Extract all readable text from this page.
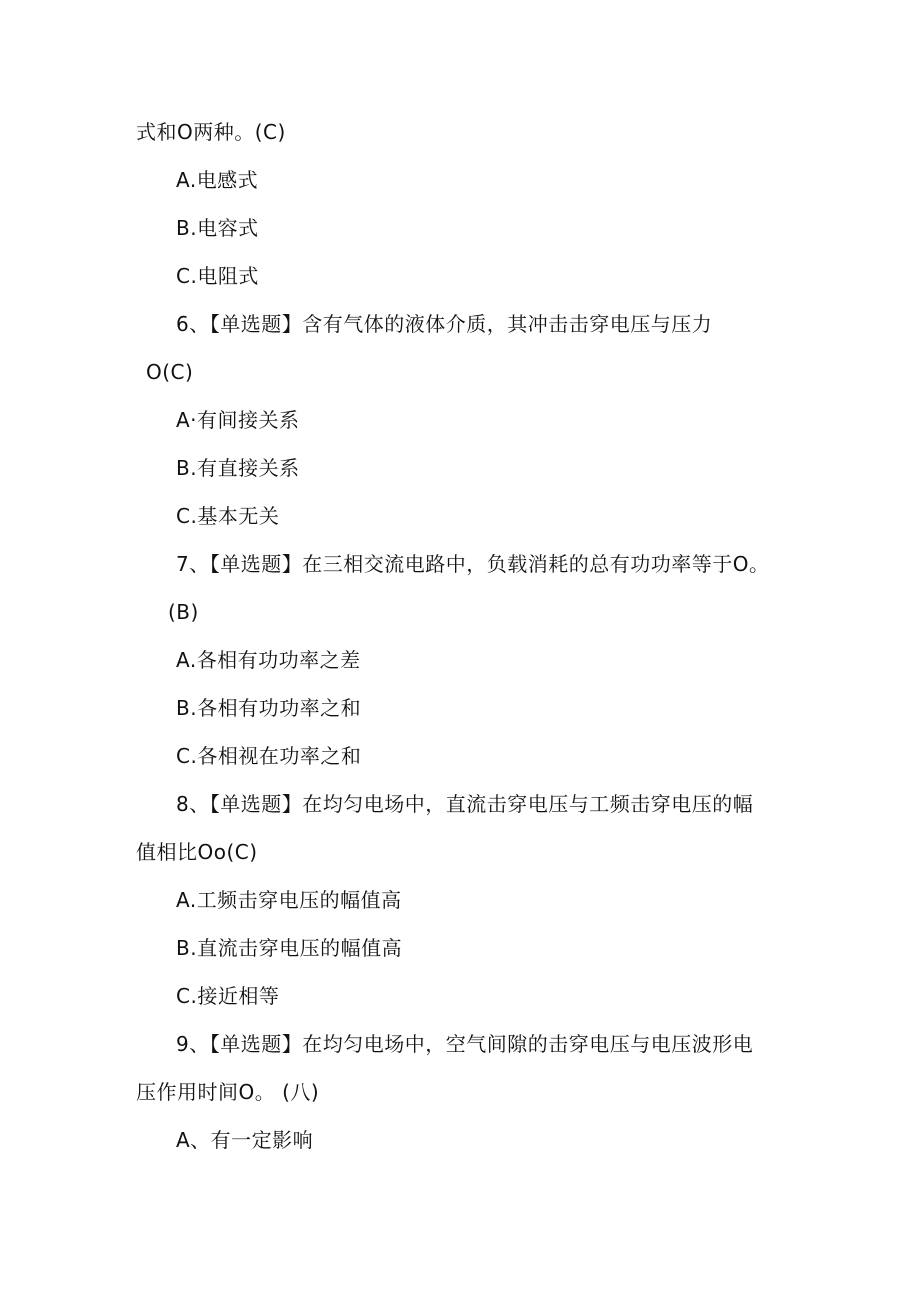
式和O两种。(C)
A.电感式
B.电容式
C.电阻式
6、【单选题】含有气体的液体介质，其冲击击穿电压与压力
O(C)
A·有间接关系
B.有直接关系
C.基本无关
7、【单选题】在三相交流电路中，负载消耗的总有功功率等于O。
(B)
A.各相有功功率之差
B.各相有功功率之和
C.各相视在功率之和
8、【单选题】在均匀电场中，直流击穿电压与工频击穿电压的幅
值相比Oo(C)
A.工频击穿电压的幅值高
B.直流击穿电压的幅值高
C.接近相等
9、【单选题】在均匀电场中，空气间隙的击穿电压与电压波形电
压作用时间O。 (八)
A、有一定影响
